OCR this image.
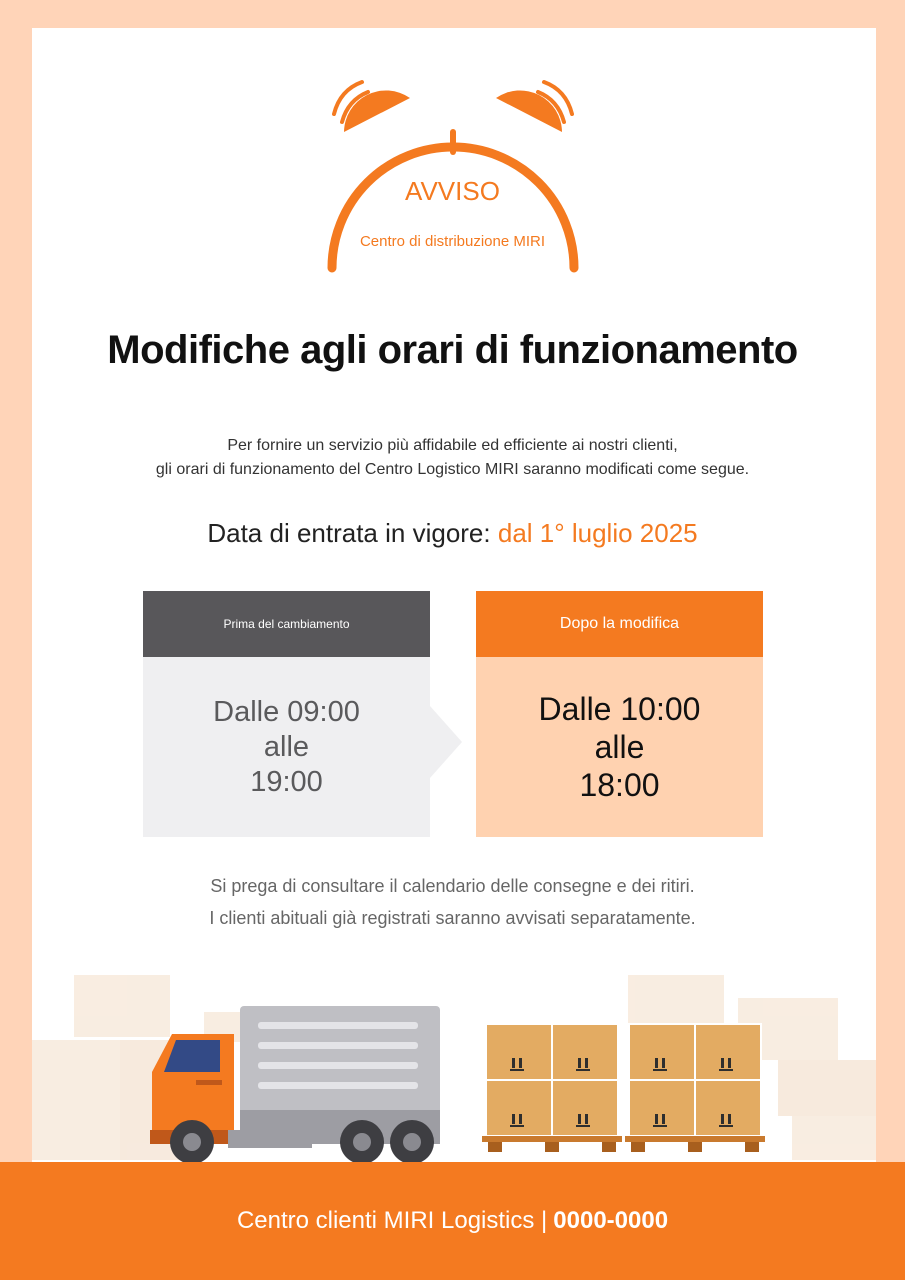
AVVISO
Centro di distribuzione MIRI
Modifiche agli orari di funzionamento
Per fornire un servizio più affidabile ed efficiente ai nostri clienti,
gli orari di funzionamento del Centro Logistico MIRI saranno modificati come segue.
Data di entrata in vigore: dal 1° luglio 2025
Prima del cambiamento
Dalle 09:00
alle
19:00
Dopo la modifica
Dalle 10:00
alle
18:00
Si prega di consultare il calendario delle consegne e dei ritiri.
I clienti abituali già registrati saranno avvisati separatamente.
Centro clienti MIRI Logistics | 0000-0000
